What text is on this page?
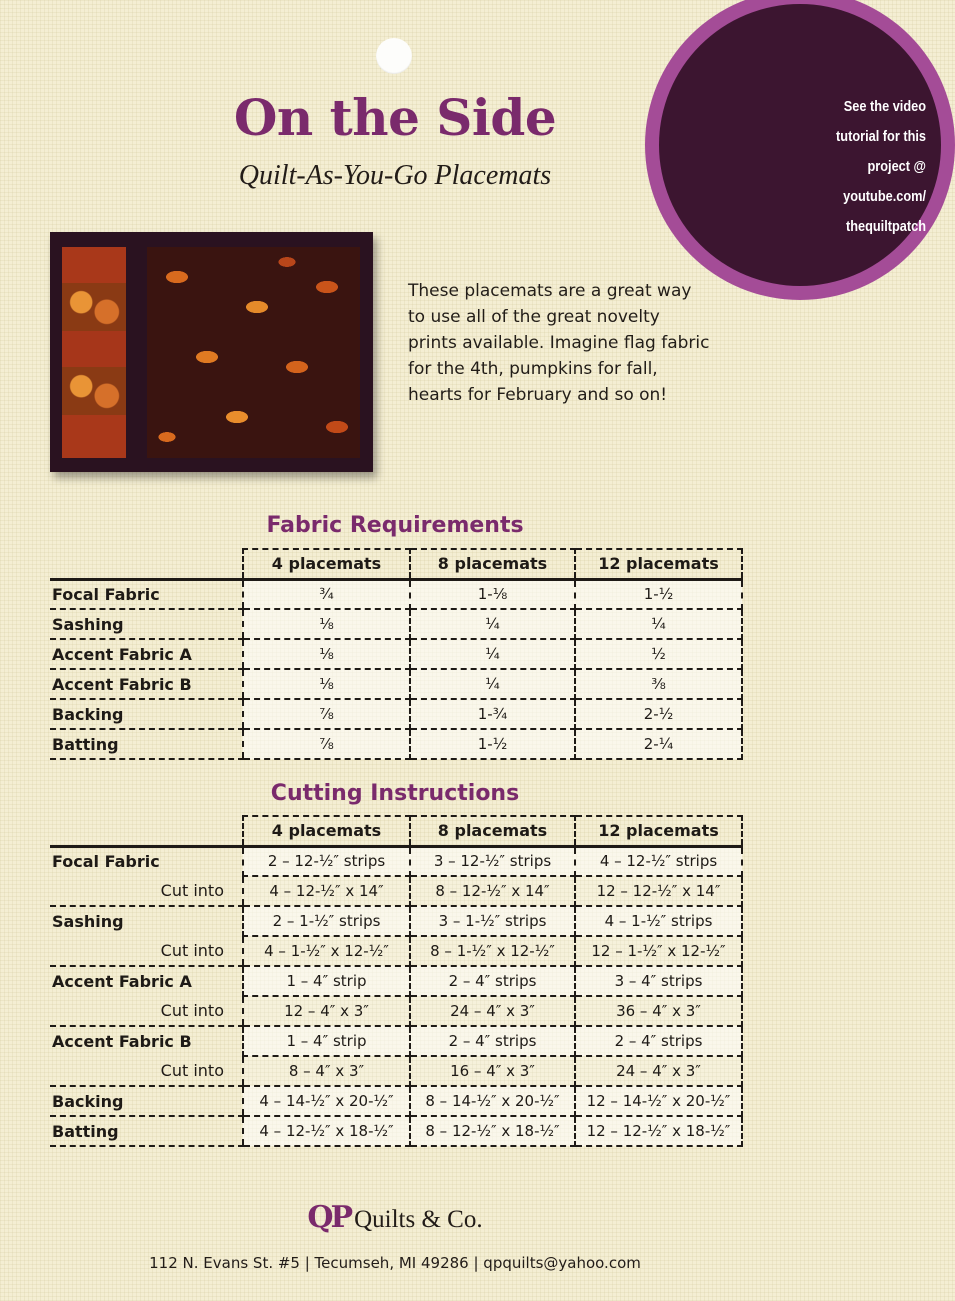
See the video
tutorial for this
project @
youtube.com/
thequiltpatch
On the Side
Quilt-As-You-Go Placemats
These placemats are a great way
to use all of the great novelty
prints available. Imagine flag fabric
for the 4th, pumpkins for fall,
hearts for February and so on!
Fabric Requirements
	4 placemats	8 placemats	12 placemats
Focal Fabric	¾	1-⅛	1-½
Sashing	⅛	¼	¼
Accent Fabric A	⅛	¼	½
Accent Fabric B	⅛	¼	⅜
Backing	⅞	1-¾	2-½
Batting	⅞	1-½	2-¼
Cutting Instructions
	4 placemats	8 placemats	12 placemats
Focal Fabric	2 – 12-½″ strips	3 – 12-½″ strips	4 – 12-½″ strips
Cut into	4 – 12-½″ x 14″	8 – 12-½″ x 14″	12 – 12-½″ x 14″
Sashing	2 – 1-½″ strips	3 – 1-½″ strips	4 – 1-½″ strips
Cut into	4 – 1-½″ x 12-½″	8 – 1-½″ x 12-½″	12 – 1-½″ x 12-½″
Accent Fabric A	1 – 4″ strip	2 – 4″ strips	3 – 4″ strips
Cut into	12 – 4″ x 3″	24 – 4″ x 3″	36 – 4″ x 3″
Accent Fabric B	1 – 4″ strip	2 – 4″ strips	2 – 4″ strips
Cut into	8 – 4″ x 3″	16 – 4″ x 3″	24 – 4″ x 3″
Backing	4 – 14-½″ x 20-½″	8 – 14-½″ x 20-½″	12 – 14-½″ x 20-½″
Batting	4 – 12-½″ x 18-½″	8 – 12-½″ x 18-½″	12 – 12-½″ x 18-½″
QP Quilts & Co.
112 N. Evans St. #5 | Tecumseh, MI 49286 | qpquilts@yahoo.com
